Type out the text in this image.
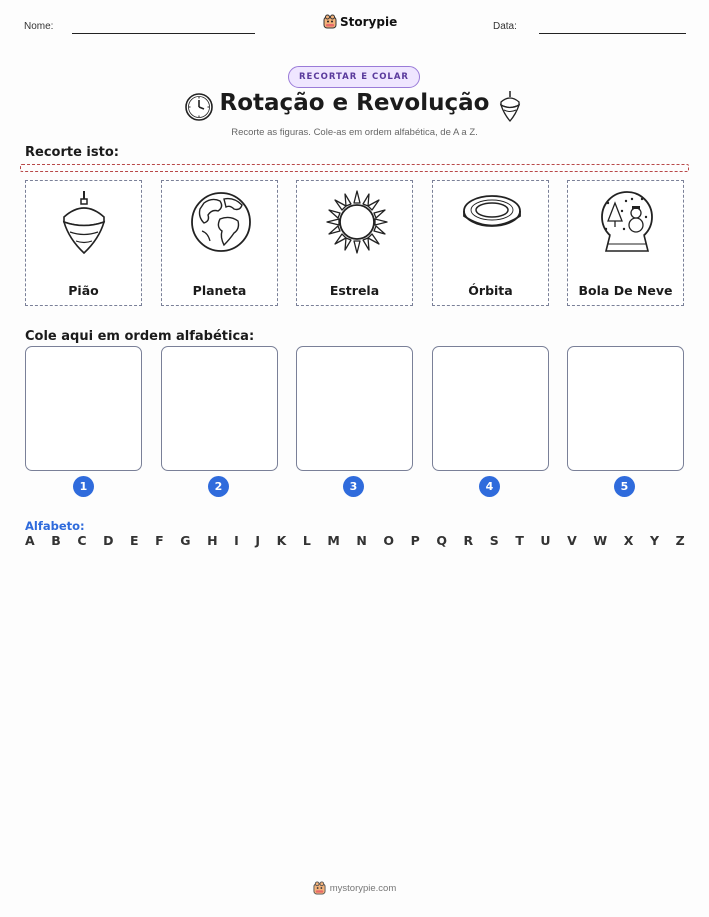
Nome:	Storypie	Data:
RECORTAR E COLAR
Rotação e Revolução
Recorte as figuras. Cole-as em ordem alfabética, de A a Z.
Recorte isto:
Pião	Planeta	Estrela	Órbita	Bola De Neve
Cole aqui em ordem alfabética:
1	2	3	4	5
Alfabeto:
A B C D E F G H I J K L M N O P Q R S T U V W X Y Z
mystorypie.com
